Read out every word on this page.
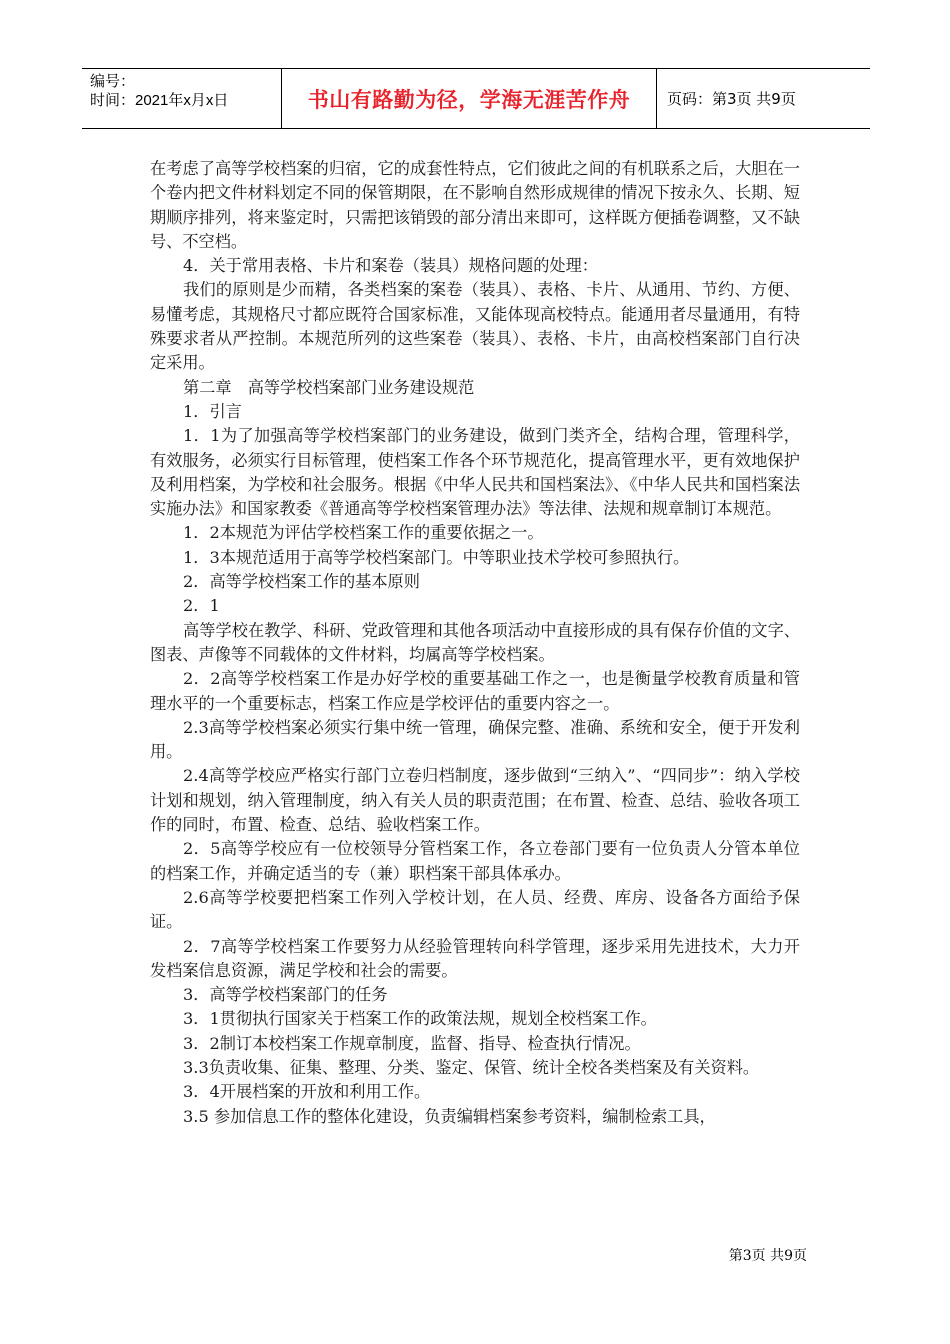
编号：
时间：2021年x月x日	书山有路勤为径，学海无涯苦作舟	页码：第3页 共9页

在考虑了高等学校档案的归宿，它的成套性特点，它们彼此之间的有机联系之后，大胆在一个卷内把文件材料划定不同的保管期限，在不影响自然形成规律的情况下按永久、长期、短期顺序排列，将来鉴定时，只需把该销毁的部分清出来即可，这样既方便插卷调整，又不缺号、不空档。

4．关于常用表格、卡片和案卷（装具）规格问题的处理：

我们的原则是少而精，各类档案的案卷（装具）、表格、卡片、从通用、节约、方便、易懂考虑，其规格尺寸都应既符合国家标准，又能体现高校特点。能通用者尽量通用，有特殊要求者从严控制。本规范所列的这些案卷（装具）、表格、卡片，由高校档案部门自行决定采用。

第二章　高等学校档案部门业务建设规范

1．引言

1．1为了加强高等学校档案部门的业务建设，做到门类齐全，结构合理，管理科学，有效服务，必须实行目标管理，使档案工作各个环节规范化，提高管理水平，更有效地保护及利用档案，为学校和社会服务。根据《中华人民共和国档案法》、《中华人民共和国档案法实施办法》和国家教委《普通高等学校档案管理办法》等法律、法规和规章制订本规范。

1．2本规范为评估学校档案工作的重要依据之一。

1．3本规范适用于高等学校档案部门。中等职业技术学校可参照执行。

2．高等学校档案工作的基本原则

2．1

高等学校在教学、科研、党政管理和其他各项活动中直接形成的具有保存价值的文字、图表、声像等不同载体的文件材料，均属高等学校档案。

2．2高等学校档案工作是办好学校的重要基础工作之一，也是衡量学校教育质量和管理水平的一个重要标志，档案工作应是学校评估的重要内容之一。

2.3高等学校档案必须实行集中统一管理，确保完整、准确、系统和安全，便于开发利用。

2.4高等学校应严格实行部门立卷归档制度，逐步做到“三纳入”、“四同步”：纳入学校计划和规划，纳入管理制度，纳入有关人员的职责范围；在布置、检查、总结、验收各项工作的同时，布置、检查、总结、验收档案工作。

2．5高等学校应有一位校领导分管档案工作，各立卷部门要有一位负责人分管本单位的档案工作，并确定适当的专（兼）职档案干部具体承办。

2.6高等学校要把档案工作列入学校计划，在人员、经费、库房、设备各方面给予保证。

2．7高等学校档案工作要努力从经验管理转向科学管理，逐步采用先进技术，大力开发档案信息资源，满足学校和社会的需要。

3．高等学校档案部门的任务

3．1贯彻执行国家关于档案工作的政策法规，规划全校档案工作。

3．2制订本校档案工作规章制度，监督、指导、检查执行情况。

3.3负责收集、征集、整理、分类、鉴定、保管、统计全校各类档案及有关资料。

3．4开展档案的开放和利用工作。

3.5 参加信息工作的整体化建设，负责编辑档案参考资料，编制检索工具，

第3页 共9页
